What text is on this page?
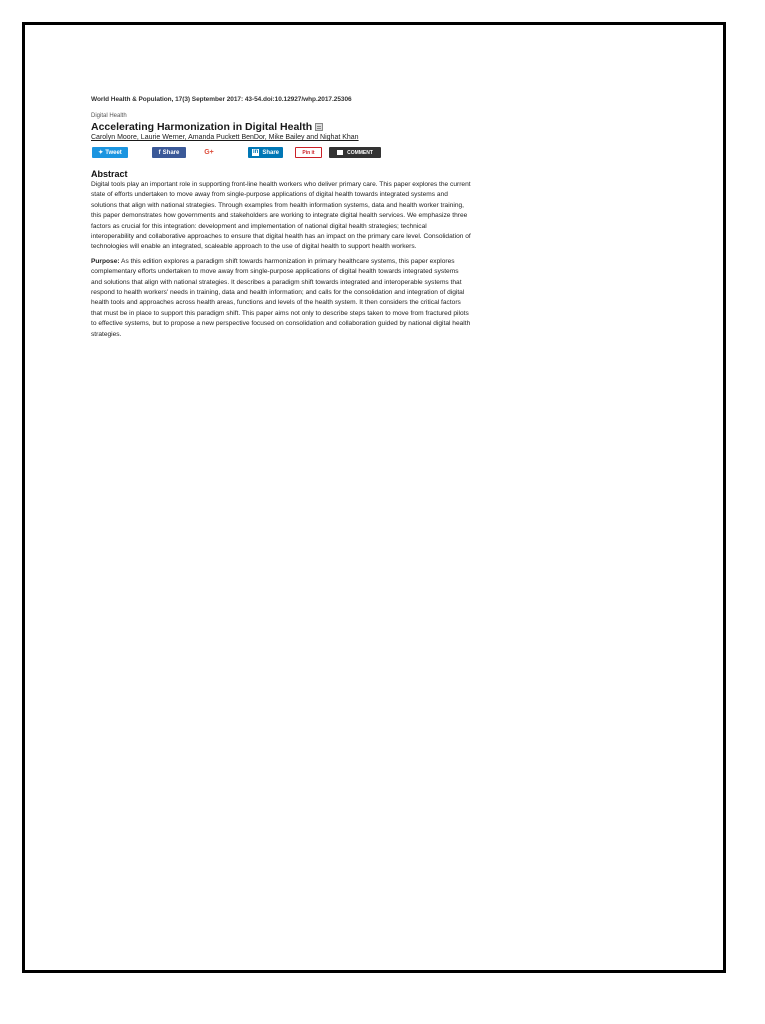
World Health & Population, 17(3) September 2017: 43-54.doi:10.12927/whp.2017.25306
Digital Health
Accelerating Harmonization in Digital Health
Carolyn Moore, Laurie Werner, Amanda Puckett BenDor, Mike Bailey and Nighat Khan
✦ Tweet	f Share	G+	in Share	Pin it	COMMENT
Abstract
Digital tools play an important role in supporting front-line health workers who deliver primary care. This paper explores the current state of efforts undertaken to move away from single-purpose applications of digital health towards integrated systems and solutions that align with national strategies. Through examples from health information systems, data and health worker training, this paper demonstrates how governments and stakeholders are working to integrate digital health services. We emphasize three factors as crucial for this integration: development and implementation of national digital health strategies; technical interoperability and collaborative approaches to ensure that digital health has an impact on the primary care level. Consolidation of technologies will enable an integrated, scaleable approach to the use of digital health to support health workers.
Purpose: As this edition explores a paradigm shift towards harmonization in primary healthcare systems, this paper explores complementary efforts undertaken to move away from single-purpose applications of digital health towards integrated systems and solutions that align with national strategies. It describes a paradigm shift towards integrated and interoperable systems that respond to health workers' needs in training, data and health information; and calls for the consolidation and integration of digital health tools and approaches across health areas, functions and levels of the health system. It then considers the critical factors that must be in place to support this paradigm shift. This paper aims not only to describe steps taken to move from fractured pilots to effective systems, but to propose a new perspective focused on consolidation and collaboration guided by national digital health strategies.
